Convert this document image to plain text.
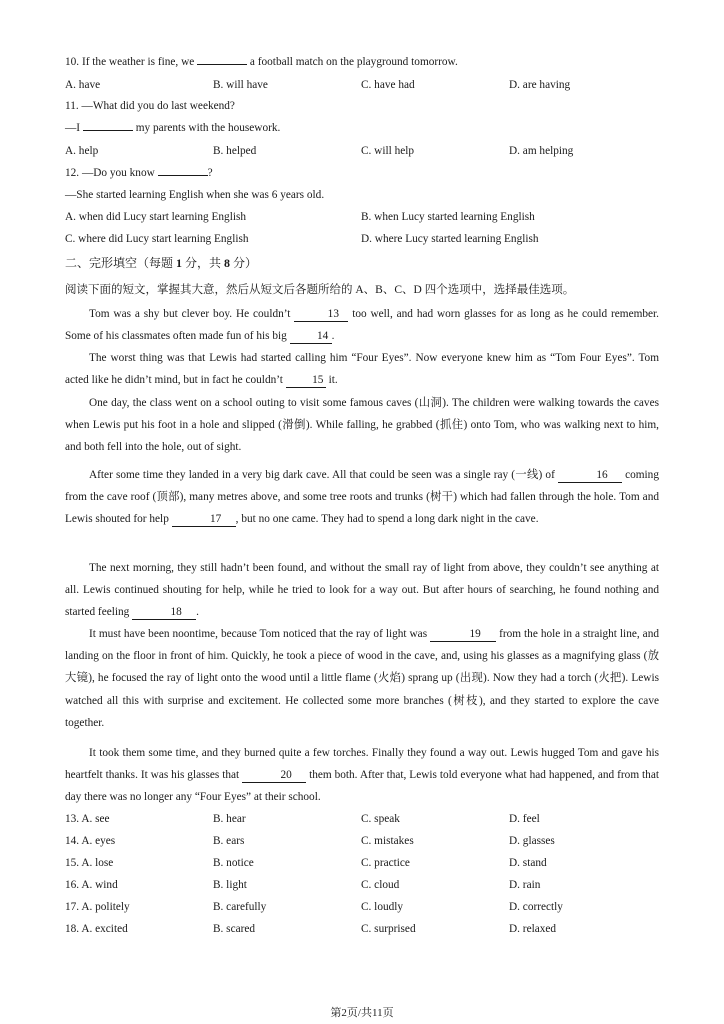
10. If the weather is fine, we	a football match on the playground tomorrow.
A. have	B. will have	C. have had	D. are having
11. —What did you do last weekend?
—I	my parents with the housework.
A. help	B. helped	C. will help	D. am helping
12. —Do you know	?
—She started learning English when she was 6 years old.
A. when did Lucy start learning English	B. when Lucy started learning English
C. where did Lucy start learning English	D. where Lucy started learning English
二、完形填空（每题 1 分，共 8 分）
阅读下面的短文，掌握其大意，然后从短文后各题所给的 A、B、C、D 四个选项中，选择最佳选项。
Tom was a shy but clever boy. He couldn’t	13 too well, and had worn glasses for as long as he could remember. Some of his classmates often made fun of his big 14 .
The worst thing was that Lewis had started calling him “Four Eyes”. Now everyone knew him as “Tom Four Eyes”. Tom acted like he didn’t mind, but in fact he couldn’t 15 it.
One day, the class went on a school outing to visit some famous caves (山洞). The children were walking towards the caves when Lewis put his foot in a hole and slipped (滑倒). While falling, he grabbed (抓住) onto Tom, who was walking next to him, and both fell into the hole, out of sight.
After some time they landed in a very big dark cave. All that could be seen was a single ray (一线) of	16 coming from the cave roof (顶部), many metres above, and some tree roots and trunks (树干) which had fallen through the hole. Tom and Lewis shouted for help	17 , but no one came. They had to spend a long dark night in the cave.
The next morning, they still hadn’t been found, and without the small ray of light from above, they couldn’t see anything at all. Lewis continued shouting for help, while he tried to look for a way out. But after hours of searching, he found nothing and started feeling	18 .
It must have been noontime, because Tom noticed that the ray of light was	19 from the hole in a straight line, and landing on the floor in front of him. Quickly, he took a piece of wood in the cave, and, using his glasses as a magnifying glass (放大镜), he focused the ray of light onto the wood until a little flame (火焰) sprang up (出现). Now they had a torch (火把). Lewis watched all this with surprise and excitement. He collected some more branches (树枝), and they started to explore the cave together.
It took them some time, and they burned quite a few torches. Finally they found a way out. Lewis hugged Tom and gave his heartfelt thanks. It was his glasses that	20 them both. After that, Lewis told everyone what had happened, and from that day there was no longer any “Four Eyes” at their school.
13. A. see	B. hear	C. speak	D. feel
14. A. eyes	B. ears	C. mistakes	D. glasses
15. A. lose	B. notice	C. practice	D. stand
16. A. wind	B. light	C. cloud	D. rain
17. A. politely	B. carefully	C. loudly	D. correctly
18. A. excited	B. scared	C. surprised	D. relaxed
第2页/共11页
